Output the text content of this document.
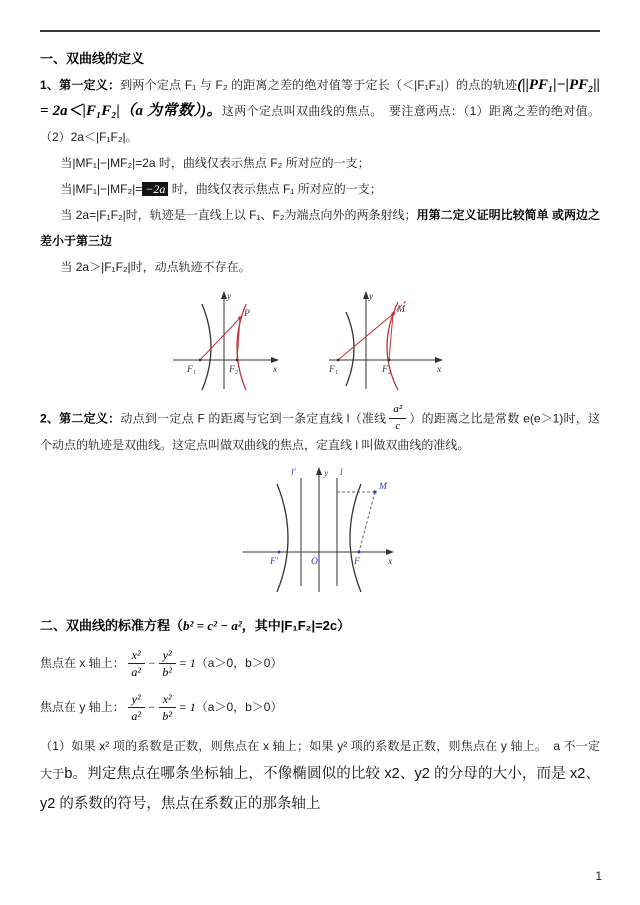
一、双曲线的定义

1、第一定义：到两个定点 F₁ 与 F₂ 的距离之差的绝对值等于定长（＜|F₁F₂|）的点的轨迹(||PF₁|−|PF₂|| = 2a＜|F₁F₂|（a 为常数）)。这两个定点叫双曲线的焦点。　要注意两点：（1）距离之差的绝对值。（2）2a＜|F₁F₂|。

当|MF₁|−|MF₂|=2a 时，曲线仅表示焦点 F₂ 所对应的一支；

当|MF₁|−|MF₂|= −2a 时，曲线仅表示焦点 F₁ 所对应的一支；

当 2a=|F₁F₂|时，轨迹是一直线上以 F₁、F₂为端点向外的两条射线；用第二定义证明比较简单 或两边之差小于第三边

当 2a＞|F₁F₂|时，动点轨迹不存在。

y
P
F₁	F₂	x
y
M
F₁	F₂	x

2、第二定义：动点到一定点 F 的距离与它到一条定直线 l（准线 $\frac{\text{a²}}{c}$ ）的距离之比是常数 e(e＞1)时，这个动点的轨迹是双曲线。这定点叫做双曲线的焦点，定直线 l 叫做双曲线的准线。

l′	l
y
M
F′	O	F	x
二、双曲线的标准方程（b² = c² − a²，其中|F₁F₂|=2c）
焦点在 x 轴上： $\frac{\text{x²}}{\text{a²}} - \frac{\text{y²}}{\text{b²}} = 1(a>0$，b＞0）
焦点在 y 轴上： $\frac{\text{y²}}{\text{a²}} - \frac{\text{x²}}{\text{b²}} = 1(a>0$，b＞0）

（1）如果 x² 项的系数是正数，则焦点在 x 轴上；如果 y² 项的系数是正数，则焦点在 y 轴上。　a 不一定大于b。判定焦点在哪条坐标轴上，不像椭圆似的比较 x2、y2 的分母的大小，而是 x2、y2 的系数的符号，焦点在系数正的那条轴上

1
